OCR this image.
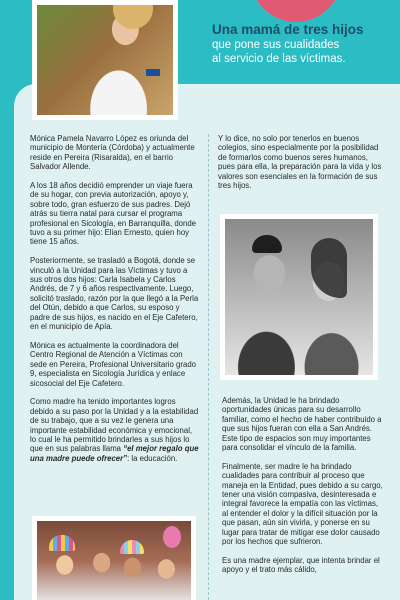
Una mamá de tres hijos
que pone sus cualidades
al servicio de las víctimas.

Mónica Pamela Navarro López es oriunda del municipio de Montería (Córdoba) y actualmente reside en Pereira (Risaralda), en el barrio Salvador Allende.

A los 18 años decidió emprender un viaje fuera de su hogar, con previa autorización, apoyo y, sobre todo, gran esfuerzo de sus padres. Dejó atrás su tierra natal para cursar el programa profesional en Sicología, en Barranquilla, donde tuvo a su primer hijo: Elian Ernesto, quien hoy tiene 15 años.

Posteriormente, se trasladó a Bogotá, donde se vinculó a la Unidad para las Víctimas y tuvo a sus otros dos hijos: Carla Isabela y Carlos Andrés, de 7 y 6 años respectivamente. Luego, solicitó traslado, razón por la que llegó a la Perla del Otún, debido a que Carlos, su esposo y padre de sus hijos, es nacido en el Eje Cafetero, en el municipio de Apía.

Mónica es actualmente la coordinadora del Centro Regional de Atención a Víctimas con sede en Pereira, Profesional Universitario grado 9, especialista en Sicología Jurídica y enlace sicosocial del Eje Cafetero.

Como madre ha tenido importantes logros debido a su paso por la Unidad y a la estabilidad de su trabajo, que a su vez le genera una importante estabilidad económica y emocional, lo cual le ha permitido brindarles a sus hijos lo que en sus palabras llama “el mejor regalo que una madre puede ofrecer”: la educación.

Y lo dice, no solo por tenerlos en buenos colegios, sino especialmente por la posibilidad de formarlos como buenos seres humanos, pues para ella, la preparación para la vida y los valores son esenciales en la formación de sus tres hijos.

Además, la Unidad le ha brindado oportunidades únicas para su desarrollo familiar, como el hecho de haber contribuido a que sus hijos fueran con ella a San Andrés. Este tipo de espacios son muy importantes para consolidar el vínculo de la familia.

Finalmente, ser madre le ha brindado cualidades para contribuir al proceso que maneja en la Entidad, pues debido a su cargo, tener una visión compasiva, desinteresada e integral favorece la empatía con las víctimas, al entender el dolor y la difícil situación por la que pasan, aún sin vivirla, y ponerse en su lugar para tratar de mitigar ese dolor causado por los hechos que sufrieron.

Es una madre ejemplar, que intenta brindar el apoyo y el trato más cálido,
